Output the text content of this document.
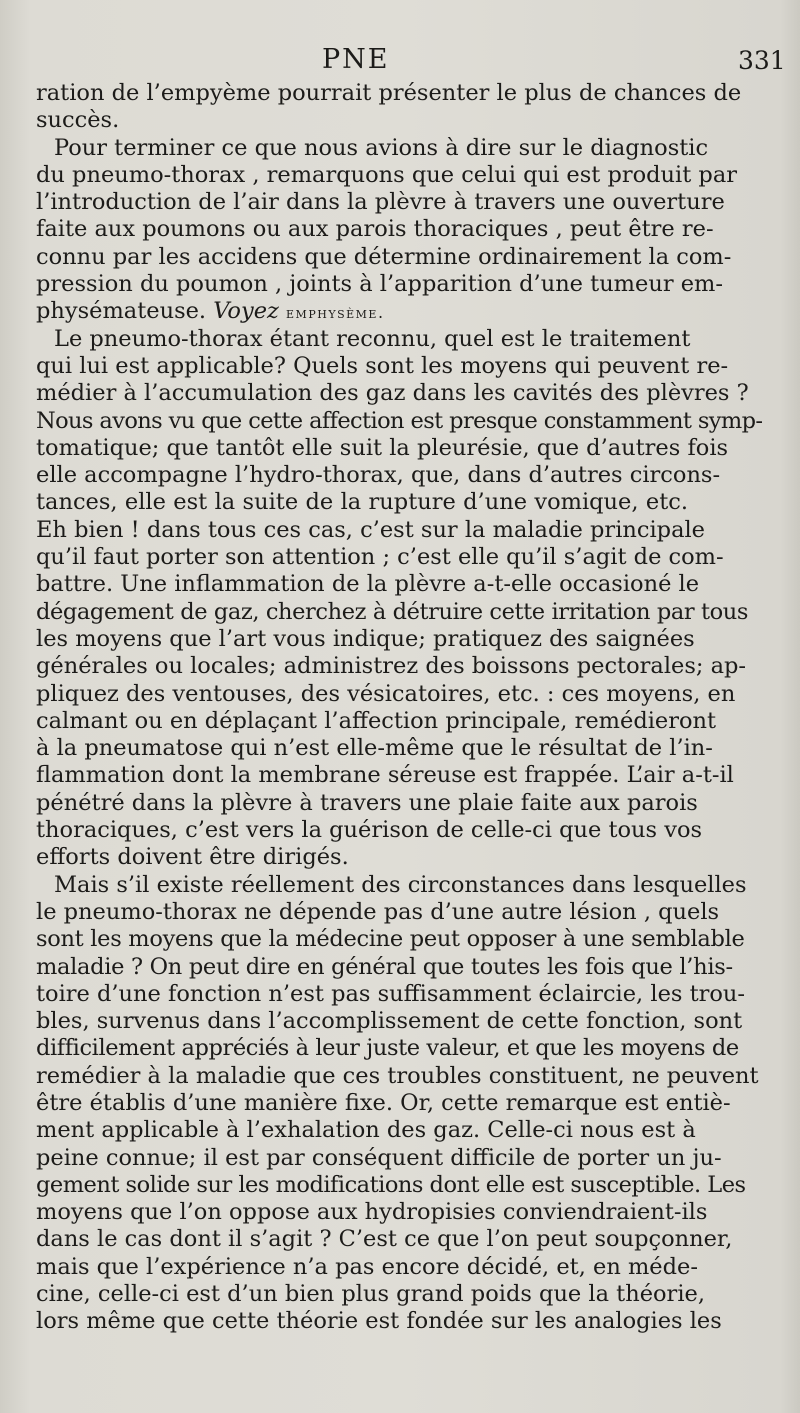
PNE	331
ration de l’empyème pourrait présenter le plus de chances de
succès.
Pour terminer ce que nous avions à dire sur le diagnostic
du pneumo-thorax , remarquons que celui qui est produit par
l’introduction de l’air dans la plèvre à travers une ouverture
faite aux poumons ou aux parois thoraciques , peut être re-
connu par les accidens que détermine ordinairement la com-
pression du poumon , joints à l’apparition d’une tumeur em-
physémateuse. Voyez emphysème.
Le pneumo-thorax étant reconnu, quel est le traitement
qui lui est applicable? Quels sont les moyens qui peuvent re-
médier à l’accumulation des gaz dans les cavités des plèvres ?
Nous avons vu que cette affection est presque constamment symp-
tomatique; que tantôt elle suit la pleurésie, que d’autres fois
elle accompagne l’hydro-thorax, que, dans d’autres circons-
tances, elle est la suite de la rupture d’une vomique, etc.
Eh bien ! dans tous ces cas, c’est sur la maladie principale
qu’il faut porter son attention ; c’est elle qu’il s’agit de com-
battre. Une inflammation de la plèvre a-t-elle occasioné le
dégagement de gaz, cherchez à détruire cette irritation par tous
les moyens que l’art vous indique; pratiquez des saignées
générales ou locales; administrez des boissons pectorales; ap-
pliquez des ventouses, des vésicatoires, etc. : ces moyens, en
calmant ou en déplaçant l’affection principale, remédieront
à la pneumatose qui n’est elle-même que le résultat de l’in-
flammation dont la membrane séreuse est frappée. L’air a-t-il
pénétré dans la plèvre à travers une plaie faite aux parois
thoraciques, c’est vers la guérison de celle-ci que tous vos
efforts doivent être dirigés.
Mais s’il existe réellement des circonstances dans lesquelles
le pneumo-thorax ne dépende pas d’une autre lésion , quels
sont les moyens que la médecine peut opposer à une semblable
maladie ? On peut dire en général que toutes les fois que l’his-
toire d’une fonction n’est pas suffisamment éclaircie, les trou-
bles, survenus dans l’accomplissement de cette fonction, sont
difficilement appréciés à leur juste valeur, et que les moyens de
remédier à la maladie que ces troubles constituent, ne peuvent
être établis d’une manière fixe. Or, cette remarque est entiè-
ment applicable à l’exhalation des gaz. Celle-ci nous est à
peine connue; il est par conséquent difficile de porter un ju-
gement solide sur les modifications dont elle est susceptible. Les
moyens que l’on oppose aux hydropisies conviendraient-ils
dans le cas dont il s’agit ? C’est ce que l’on peut soupçonner,
mais que l’expérience n’a pas encore décidé, et, en méde-
cine, celle-ci est d’un bien plus grand poids que la théorie,
lors même que cette théorie est fondée sur les analogies les
